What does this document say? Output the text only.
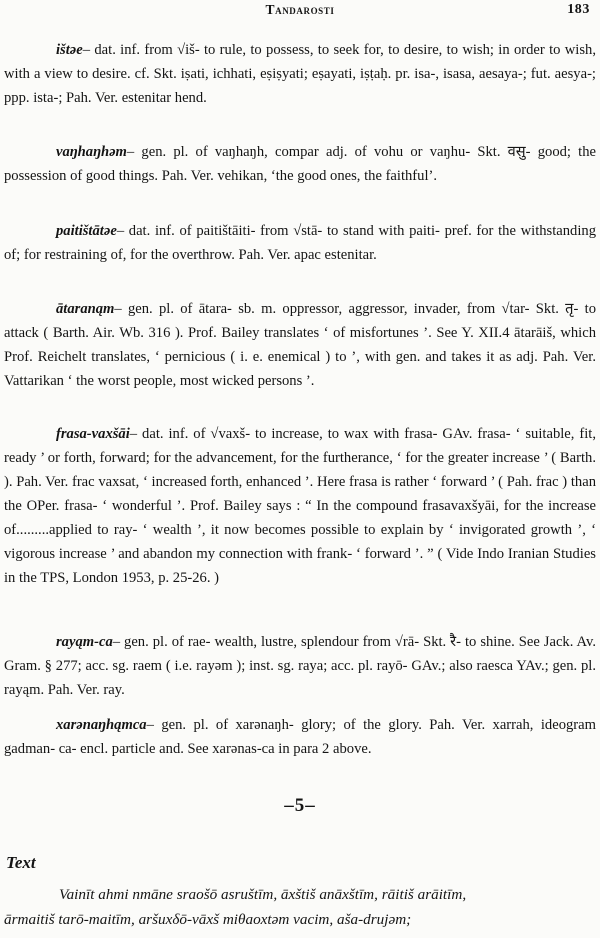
Tandarosti	183
ištəe– dat. inf. from √iš- to rule, to possess, to seek for, to desire, to wish; in order to wish, with a view to desire. cf. Skt. iṣati, ichhati, eṣiṣyati; eṣayati, iṣṭaḥ. pr. isa-, isasa, aesaya-; fut. aesya-; ppp. ista-; Pah. Ver. estenitar hend.
vaŋhaŋhəm– gen. pl. of vaŋhaŋh, compar adj. of vohu or vaŋhu- Skt. वसु- good; the possession of good things. Pah. Ver. vehikan, ‘the good ones, the faithful’.
paitištātəe– dat. inf. of paitištāiti- from √stā- to stand with paiti- pref. for the withstanding of; for restraining of, for the overthrow. Pah. Ver. apac estenitar.
ātaranąm– gen. pl. of ātara- sb. m. oppressor, aggressor, invader, from √tar- Skt. तृ- to attack ( Barth. Air. Wb. 316 ). Prof. Bailey translates ‘ of misfortunes ’. See Y. XII.4 ātarāiš, which Prof. Reichelt translates, ‘ pernicious ( i. e. enemical ) to ’, with gen. and takes it as adj. Pah. Ver. Vattarikan ‘ the worst people, most wicked persons ’.
frasa-vaxšāi– dat. inf. of √vaxš- to increase, to wax with frasa- GAv. frasa- ‘ suitable, fit, ready ’ or forth, forward; for the advancement, for the furtherance, ‘ for the greater increase ’ ( Barth. ). Pah. Ver. frac vaxsat, ‘ increased forth, enhanced ’. Here frasa is rather ‘ forward ’ ( Pah. frac ) than the OPer. frasa- ‘ wonderful ’. Prof. Bailey says : “ In the compound frasavaxšyāi, for the increase of.........applied to ray- ‘ wealth ’, it now becomes possible to explain by ‘ invigorated growth ’, ‘ vigorous increase ’ and abandon my connection with frank- ‘ forward ’. ” ( Vide Indo Iranian Studies in the TPS, London 1953, p. 25-26. )
rayąm-ca– gen. pl. of rae- wealth, lustre, splendour from √rā- Skt. रै- to shine. See Jack. Av. Gram. § 277; acc. sg. raem ( i.e. rayəm ); inst. sg. raya; acc. pl. rayō- GAv.; also raesca YAv.; gen. pl. rayąm. Pah. Ver. ray.
xarənaŋhąmca– gen. pl. of xarənaŋh- glory; of the glory. Pah. Ver. xarrah, ideogram gadman- ca- encl. particle and. See xarənas-ca in para 2 above.
–5–
Text
Vainīt ahmi nmāne sraošō asruštīm, āxštiš anāxštīm, rāitiš arāitīm,
ārmaitiš tarō-maitīm, aršuxδō-vāxš miθaoxtəm vacim, aša-drujəm;
